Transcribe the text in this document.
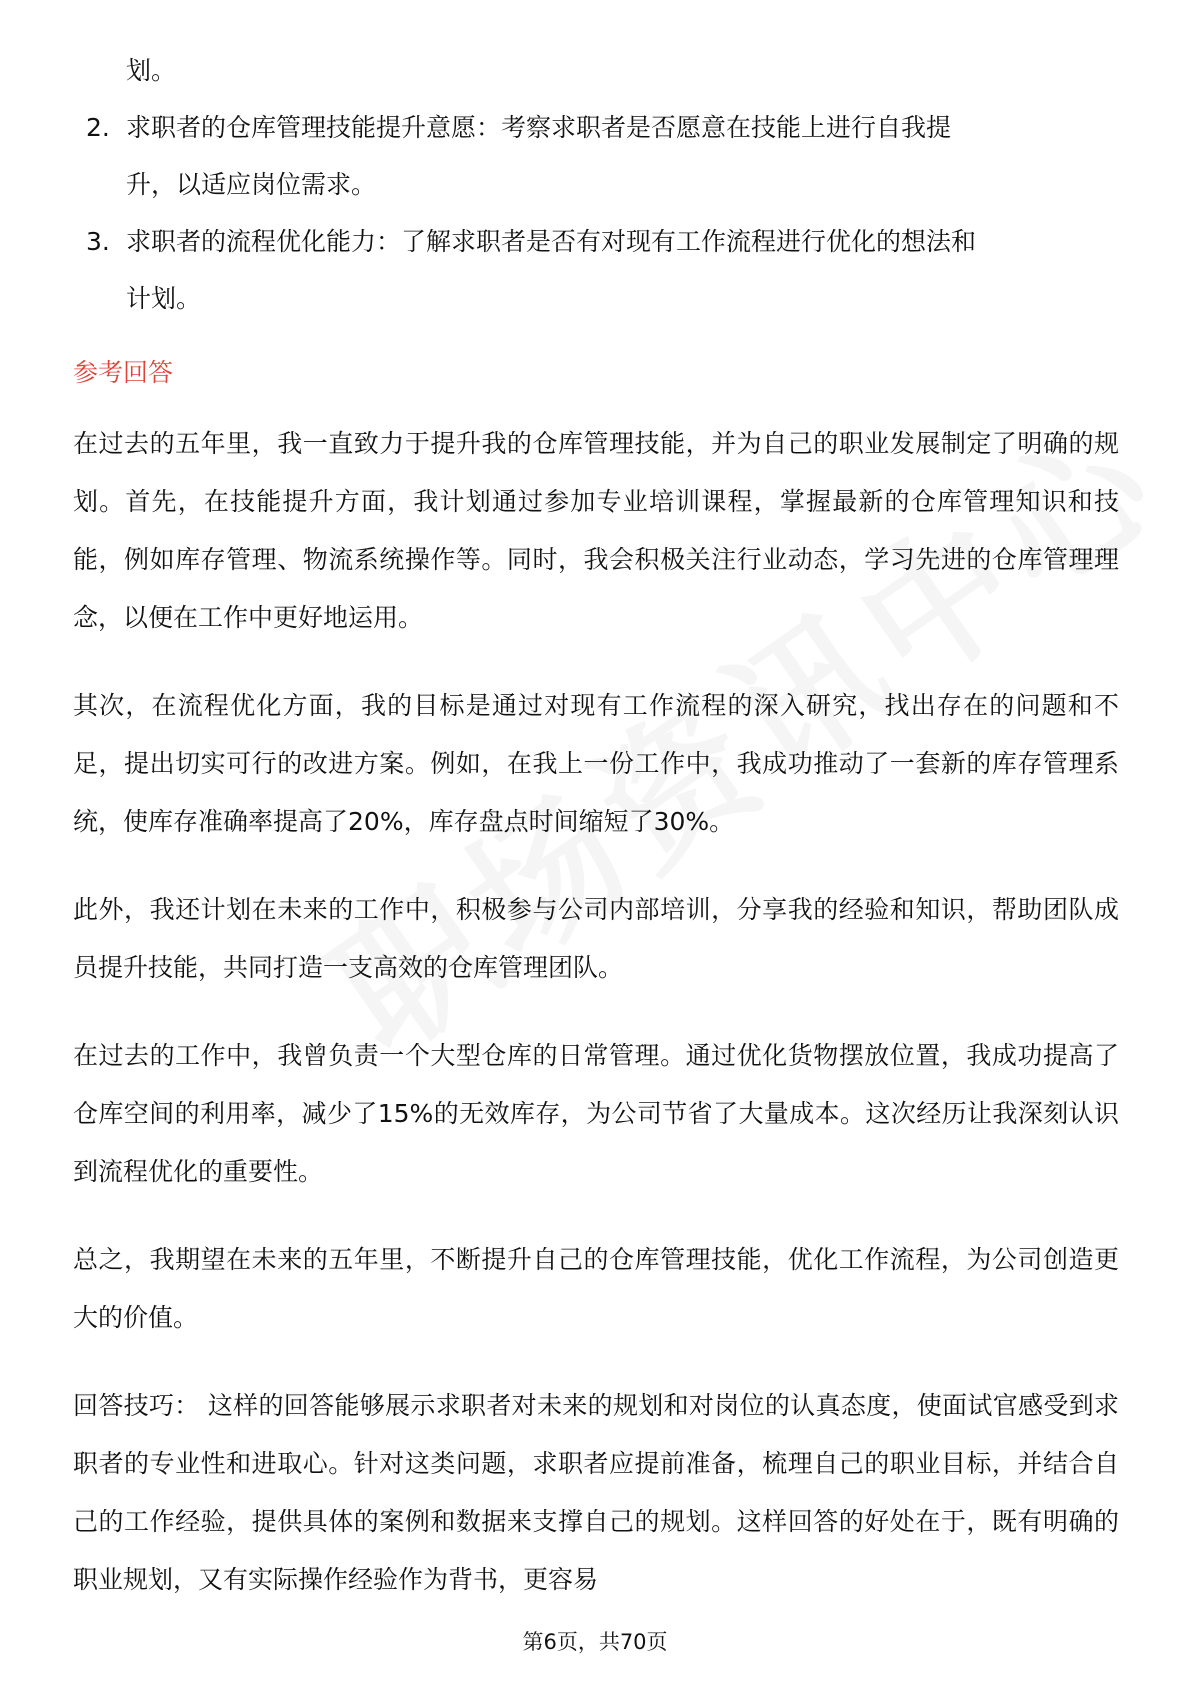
划。
2. 求职者的仓库管理技能提升意愿：考察求职者是否愿意在技能上进行自我提
升，以适应岗位需求。
3. 求职者的流程优化能力：了解求职者是否有对现有工作流程进行优化的想法和
计划。
参考回答

在过去的五年里，我一直致力于提升我的仓库管理技能，并为自己的职业发展制定了明确的规划。首先，在技能提升方面，我计划通过参加专业培训课程，掌握最新的仓库管理知识和技能，例如库存管理、物流系统操作等。同时，我会积极关注行业动态，学习先进的仓库管理理念，以便在工作中更好地运用。

其次，在流程优化方面，我的目标是通过对现有工作流程的深入研究，找出存在的问题和不足，提出切实可行的改进方案。例如，在我上一份工作中，我成功推动了一套新的库存管理系统，使库存准确率提高了20%，库存盘点时间缩短了30%。

此外，我还计划在未来的工作中，积极参与公司内部培训，分享我的经验和知识，帮助团队成员提升技能，共同打造一支高效的仓库管理团队。

在过去的工作中，我曾负责一个大型仓库的日常管理。通过优化货物摆放位置，我成功提高了仓库空间的利用率，减少了15%的无效库存，为公司节省了大量成本。这次经历让我深刻认识到流程优化的重要性。

总之，我期望在未来的五年里，不断提升自己的仓库管理技能，优化工作流程，为公司创造更大的价值。

回答技巧： 这样的回答能够展示求职者对未来的规划和对岗位的认真态度，使面试官感受到求职者的专业性和进取心。针对这类问题，求职者应提前准备，梳理自己的职业目标，并结合自己的工作经验，提供具体的案例和数据来支撑自己的规划。这样回答的好处在于，既有明确的职业规划，又有实际操作经验作为背书，更容易

第6页，共70页
